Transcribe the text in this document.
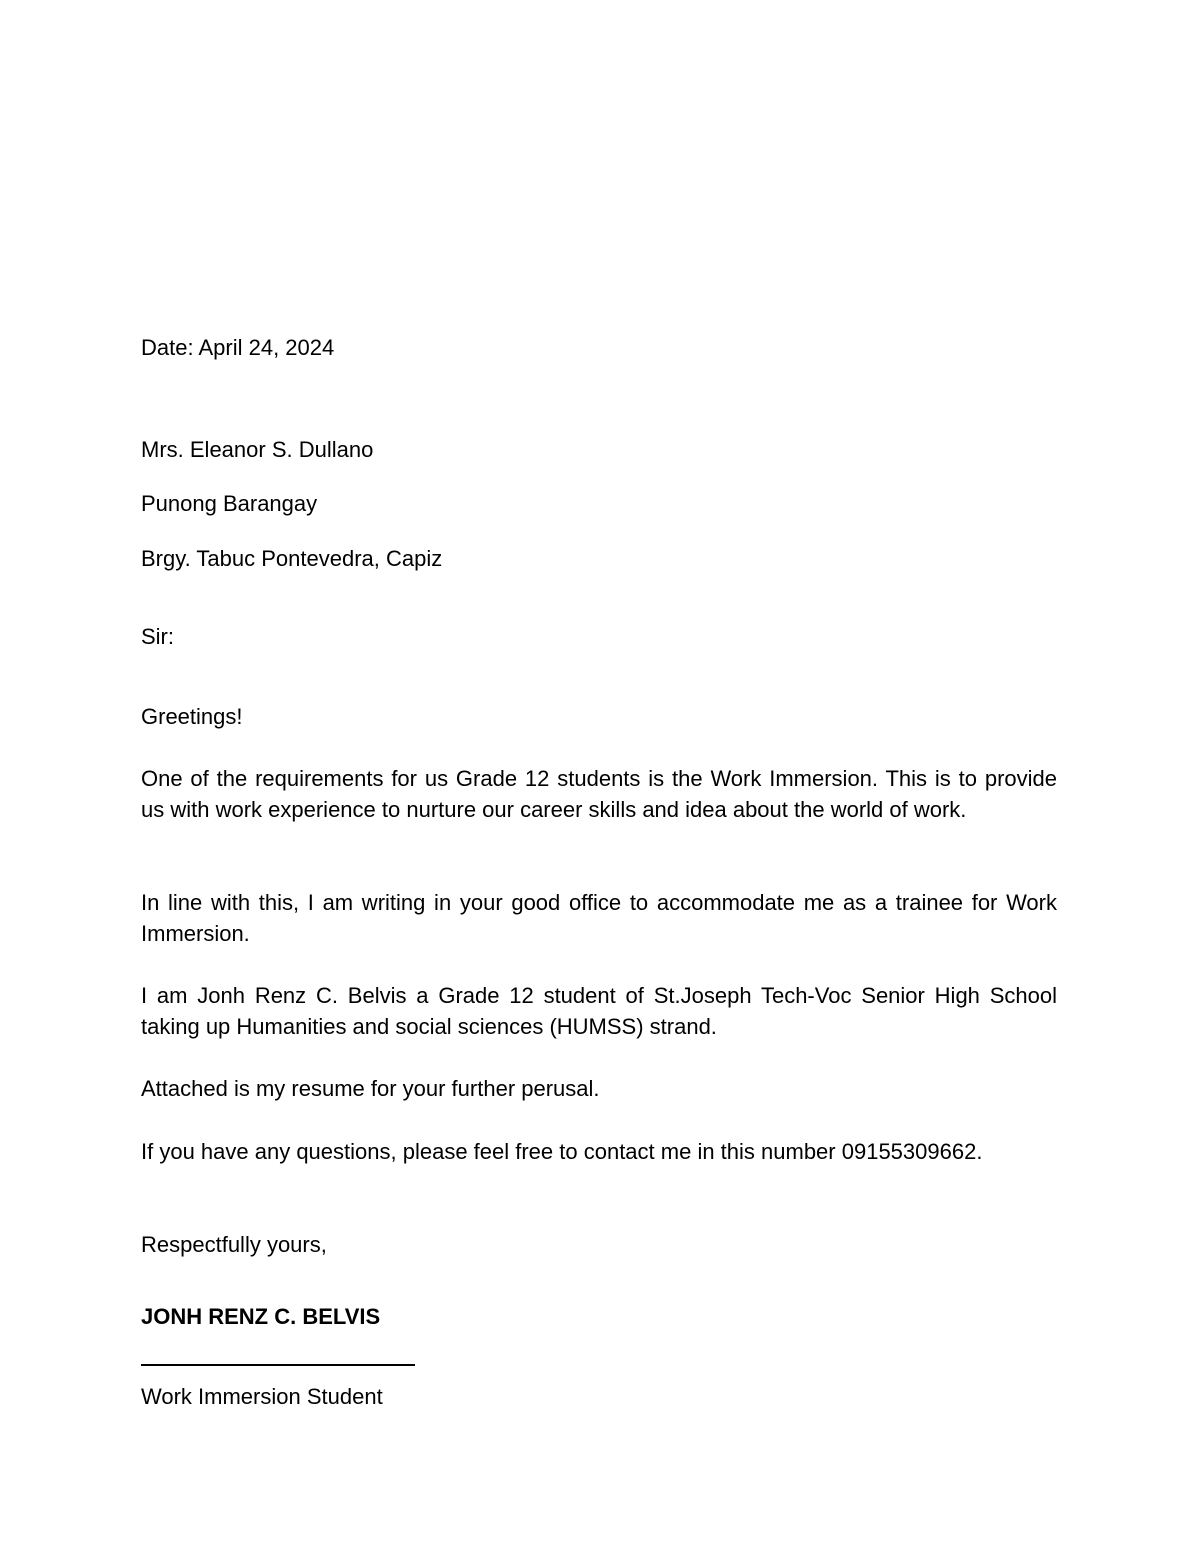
Date: April 24, 2024
Mrs. Eleanor S. Dullano
Punong Barangay
Brgy. Tabuc Pontevedra, Capiz
Sir:
Greetings!

One of the requirements for us Grade 12 students is the Work Immersion. This is to provide us with work experience to nurture our career skills and idea about the world of work.

In line with this, I am writing in your good office to accommodate me as a trainee for Work Immersion.

I am Jonh Renz C. Belvis a Grade 12 student of St.Joseph Tech-Voc Senior High School taking up Humanities and social sciences (HUMSS) strand.

Attached is my resume for your further perusal.

If you have any questions, please feel free to contact me in this number 09155309662.

Respectfully yours,
JONH RENZ C. BELVIS
Work Immersion Student
